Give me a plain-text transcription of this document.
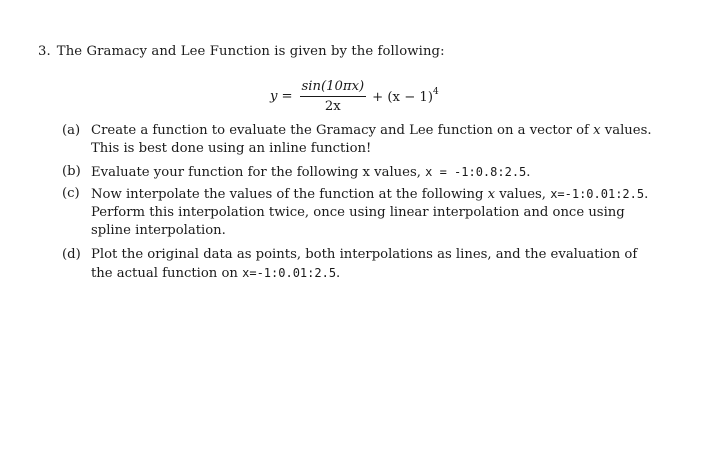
3. The Gramacy and Lee Function is given by the following:
$y = \frac{\sin(10\pi x)}{2x} + (x - 1)^4$
(a) Create a function to evaluate the Gramacy and Lee function on a vector of x values. This is best done using an inline function!
(b) Evaluate your function for the following x values, x = -1:0.8:2.5.
(c) Now interpolate the values of the function at the following x values, x=-1:0.01:2.5. Perform this interpolation twice, once using linear interpolation and once using spline interpolation.
(d) Plot the original data as points, both interpolations as lines, and the evaluation of the actual function on x=-1:0.01:2.5.
